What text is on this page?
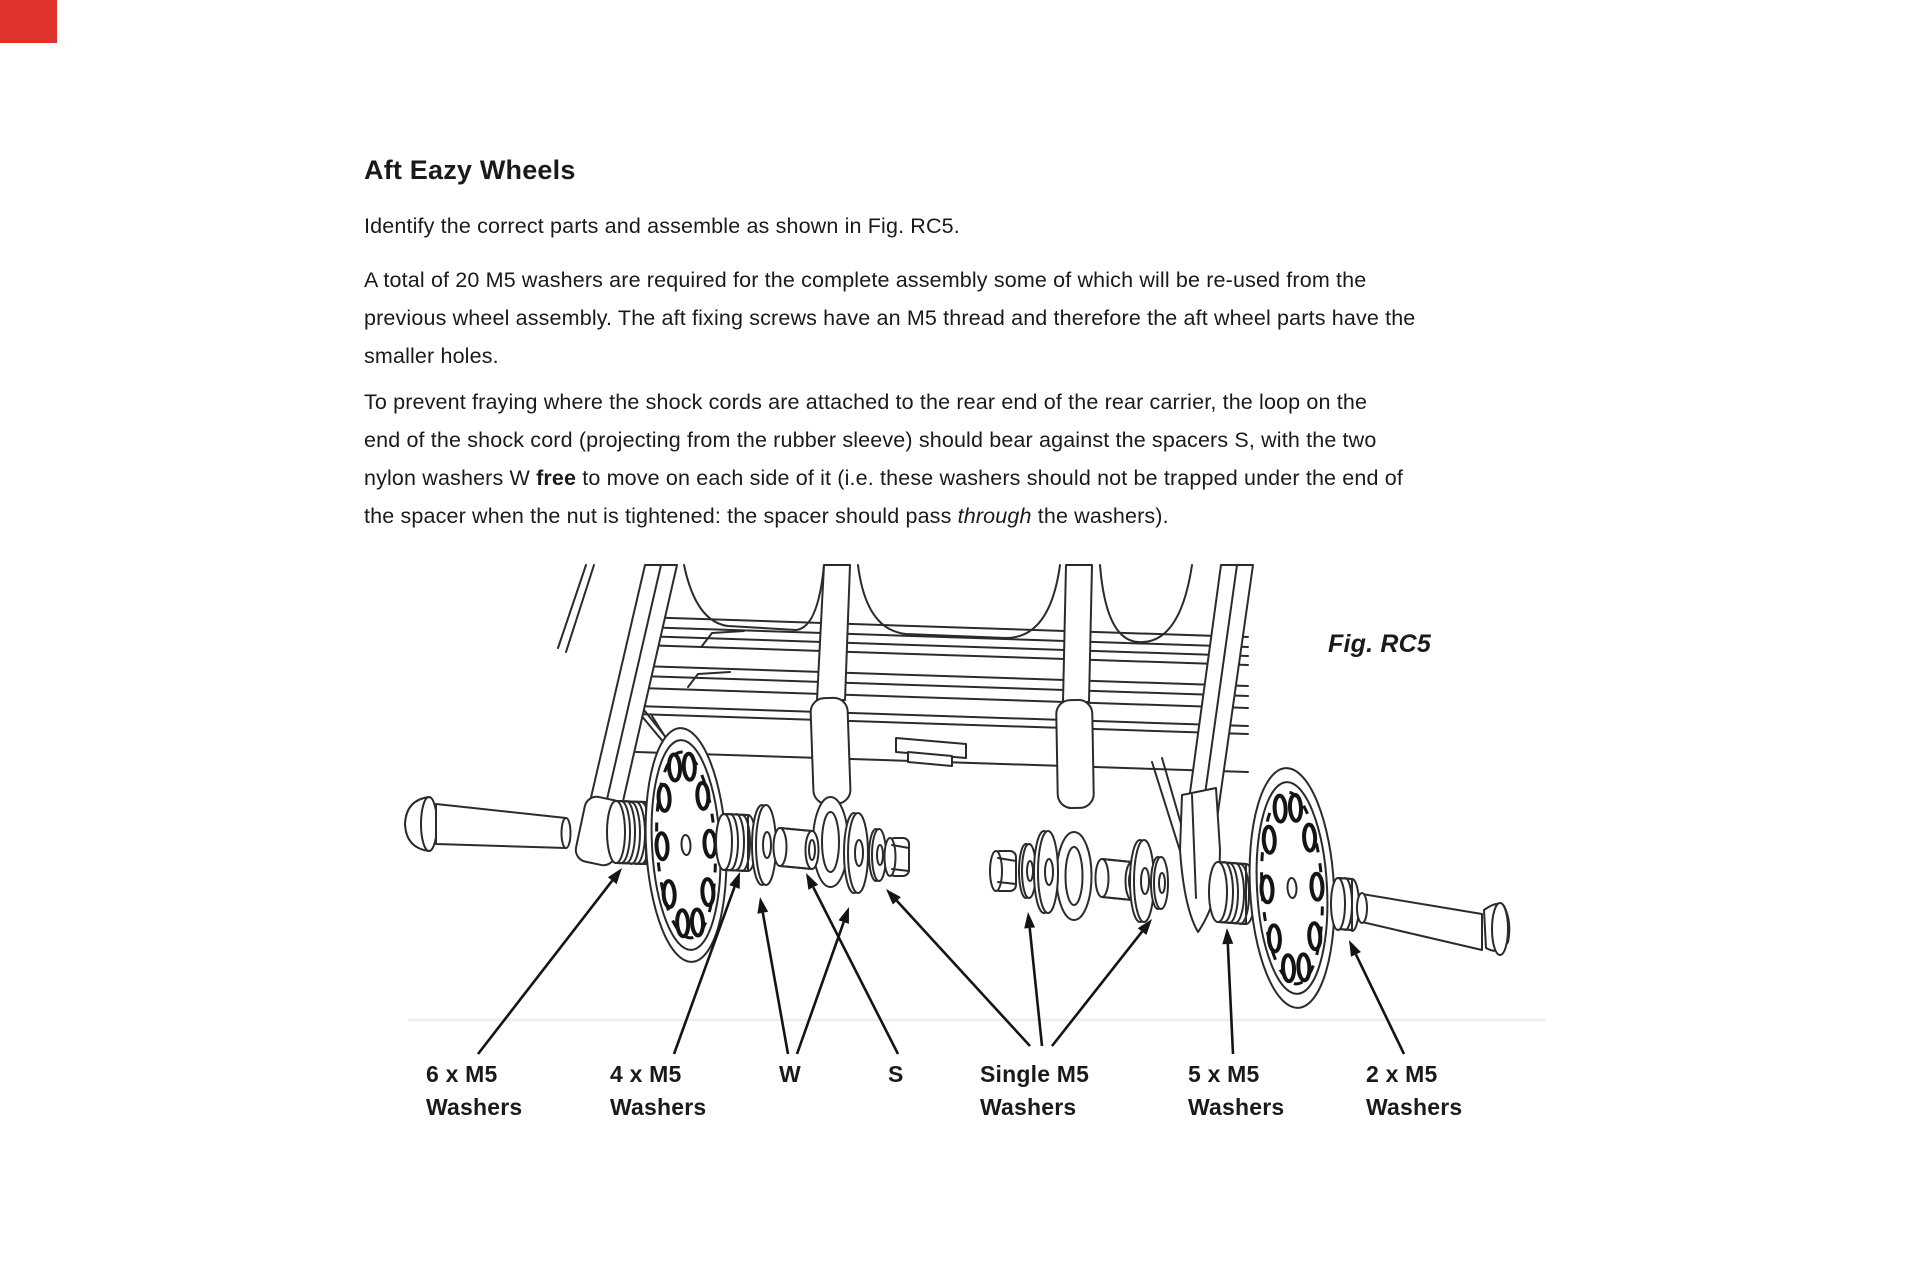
Aft Eazy Wheels
Identify the correct parts and assemble as shown in Fig. RC5.
A total of 20 M5 washers are required for the complete assembly some of which will be re-used from the
previous wheel assembly. The aft fixing screws have an M5 thread and therefore the aft wheel parts have the
smaller holes.
To prevent fraying where the shock cords are attached to the rear end of the rear carrier, the loop on the
end of the shock cord (projecting from the rubber sleeve) should bear against the spacers S, with the two
nylon washers W free to move on each side of it (i.e. these washers should not be trapped under the end of
the spacer when the nut is tightened: the spacer should pass through the washers).
Fig. RC5
6 x M5
Washers
4 x M5
Washers
W	S	Single M5
Washers
5 x M5
Washers
2 x M5
Washers
